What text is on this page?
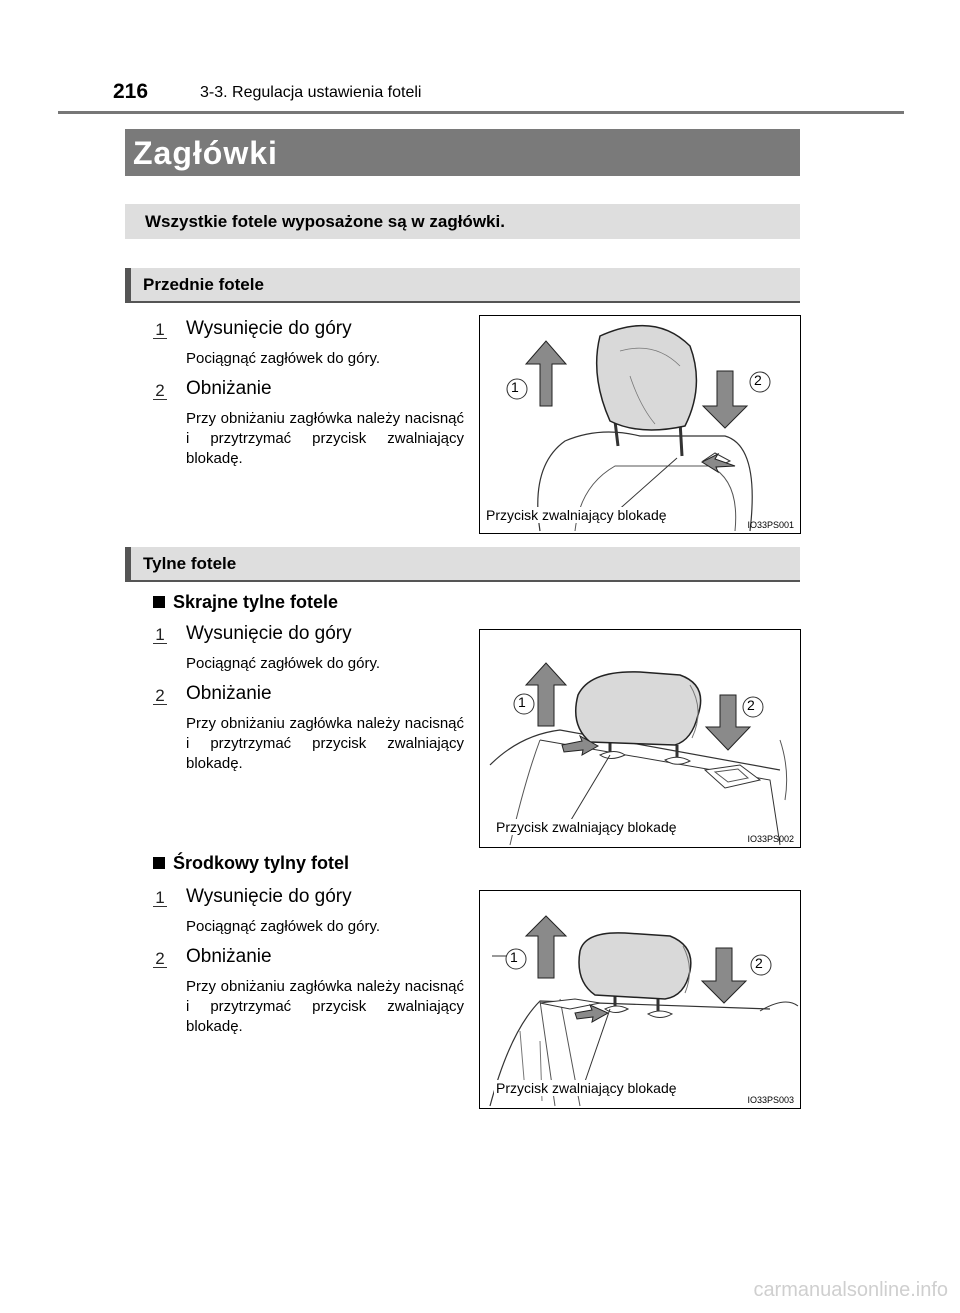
216	3-3. Regulacja ustawienia foteli
Zagłówki
Wszystkie fotele wyposażone są w zagłówki.
Przednie fotele
1 Wysunięcie do góry
Pociągnąć zagłówek do góry.
2 Obniżanie
Przy obniżaniu zagłówka należy nacisnąć i przytrzymać przycisk zwalniający blokadę.
1	2
Przycisk zwalniający blokadę
IO33PS001
Tylne fotele
Skrajne tylne fotele
1 Wysunięcie do góry
Pociągnąć zagłówek do góry.
2 Obniżanie
Przy obniżaniu zagłówka należy nacisnąć i przytrzymać przycisk zwalniający blokadę.
1	2
Przycisk zwalniający blokadę
IO33PS002
Środkowy tylny fotel
1 Wysunięcie do góry
Pociągnąć zagłówek do góry.
2 Obniżanie
Przy obniżaniu zagłówka należy nacisnąć i przytrzymać przycisk zwalniający blokadę.
1	2
Przycisk zwalniający blokadę
IO33PS003
carmanualsonline.info
